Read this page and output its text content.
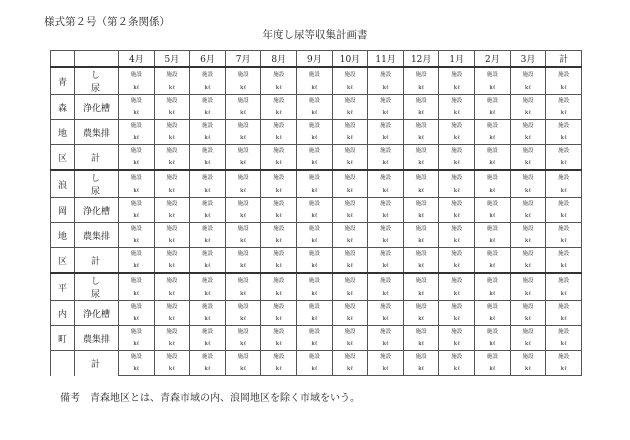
様式第２号（第２条関係）
年度し尿等収集計画書
		4月	5月	6月	7月	8月	9月	10月	11月	12月	1月	2月	3月	計
青	し 尿	施設	施設	施設	施設	施設	施設	施設	施設	施設	施設	施設	施設	施設
		kℓ	kℓ	kℓ	kℓ	kℓ	kℓ	kℓ	kℓ	kℓ	kℓ	kℓ	kℓ	kℓ
森	浄化槽	施設	施設	施設	施設	施設	施設	施設	施設	施設	施設	施設	施設	施設
		kℓ	kℓ	kℓ	kℓ	kℓ	kℓ	kℓ	kℓ	kℓ	kℓ	kℓ	kℓ	kℓ
地	農集排	施設	施設	施設	施設	施設	施設	施設	施設	施設	施設	施設	施設	施設
		kℓ	kℓ	kℓ	kℓ	kℓ	kℓ	kℓ	kℓ	kℓ	kℓ	kℓ	kℓ	kℓ
区	計	施設	施設	施設	施設	施設	施設	施設	施設	施設	施設	施設	施設	施設
		kℓ	kℓ	kℓ	kℓ	kℓ	kℓ	kℓ	kℓ	kℓ	kℓ	kℓ	kℓ	kℓ
浪	し 尿	施設	施設	施設	施設	施設	施設	施設	施設	施設	施設	施設	施設	施設
		kℓ	kℓ	kℓ	kℓ	kℓ	kℓ	kℓ	kℓ	kℓ	kℓ	kℓ	kℓ	kℓ
岡	浄化槽	施設	施設	施設	施設	施設	施設	施設	施設	施設	施設	施設	施設	施設
		kℓ	kℓ	kℓ	kℓ	kℓ	kℓ	kℓ	kℓ	kℓ	kℓ	kℓ	kℓ	kℓ
地	農集排	施設	施設	施設	施設	施設	施設	施設	施設	施設	施設	施設	施設	施設
		kℓ	kℓ	kℓ	kℓ	kℓ	kℓ	kℓ	kℓ	kℓ	kℓ	kℓ	kℓ	kℓ
区	計	施設	施設	施設	施設	施設	施設	施設	施設	施設	施設	施設	施設	施設
		kℓ	kℓ	kℓ	kℓ	kℓ	kℓ	kℓ	kℓ	kℓ	kℓ	kℓ	kℓ	kℓ
平	し 尿	施設	施設	施設	施設	施設	施設	施設	施設	施設	施設	施設	施設	施設
		kℓ	kℓ	kℓ	kℓ	kℓ	kℓ	kℓ	kℓ	kℓ	kℓ	kℓ	kℓ	kℓ
内	浄化槽	施設	施設	施設	施設	施設	施設	施設	施設	施設	施設	施設	施設	施設
		kℓ	kℓ	kℓ	kℓ	kℓ	kℓ	kℓ	kℓ	kℓ	kℓ	kℓ	kℓ	kℓ
町	農集排	施設	施設	施設	施設	施設	施設	施設	施設	施設	施設	施設	施設	施設
		kℓ	kℓ	kℓ	kℓ	kℓ	kℓ	kℓ	kℓ	kℓ	kℓ	kℓ	kℓ	kℓ
	計	施設	施設	施設	施設	施設	施設	施設	施設	施設	施設	施設	施設	施設
		kℓ	kℓ	kℓ	kℓ	kℓ	kℓ	kℓ	kℓ	kℓ	kℓ	kℓ	kℓ	kℓ
備考　青森地区とは、青森市域の内、浪岡地区を除く市域をいう。
